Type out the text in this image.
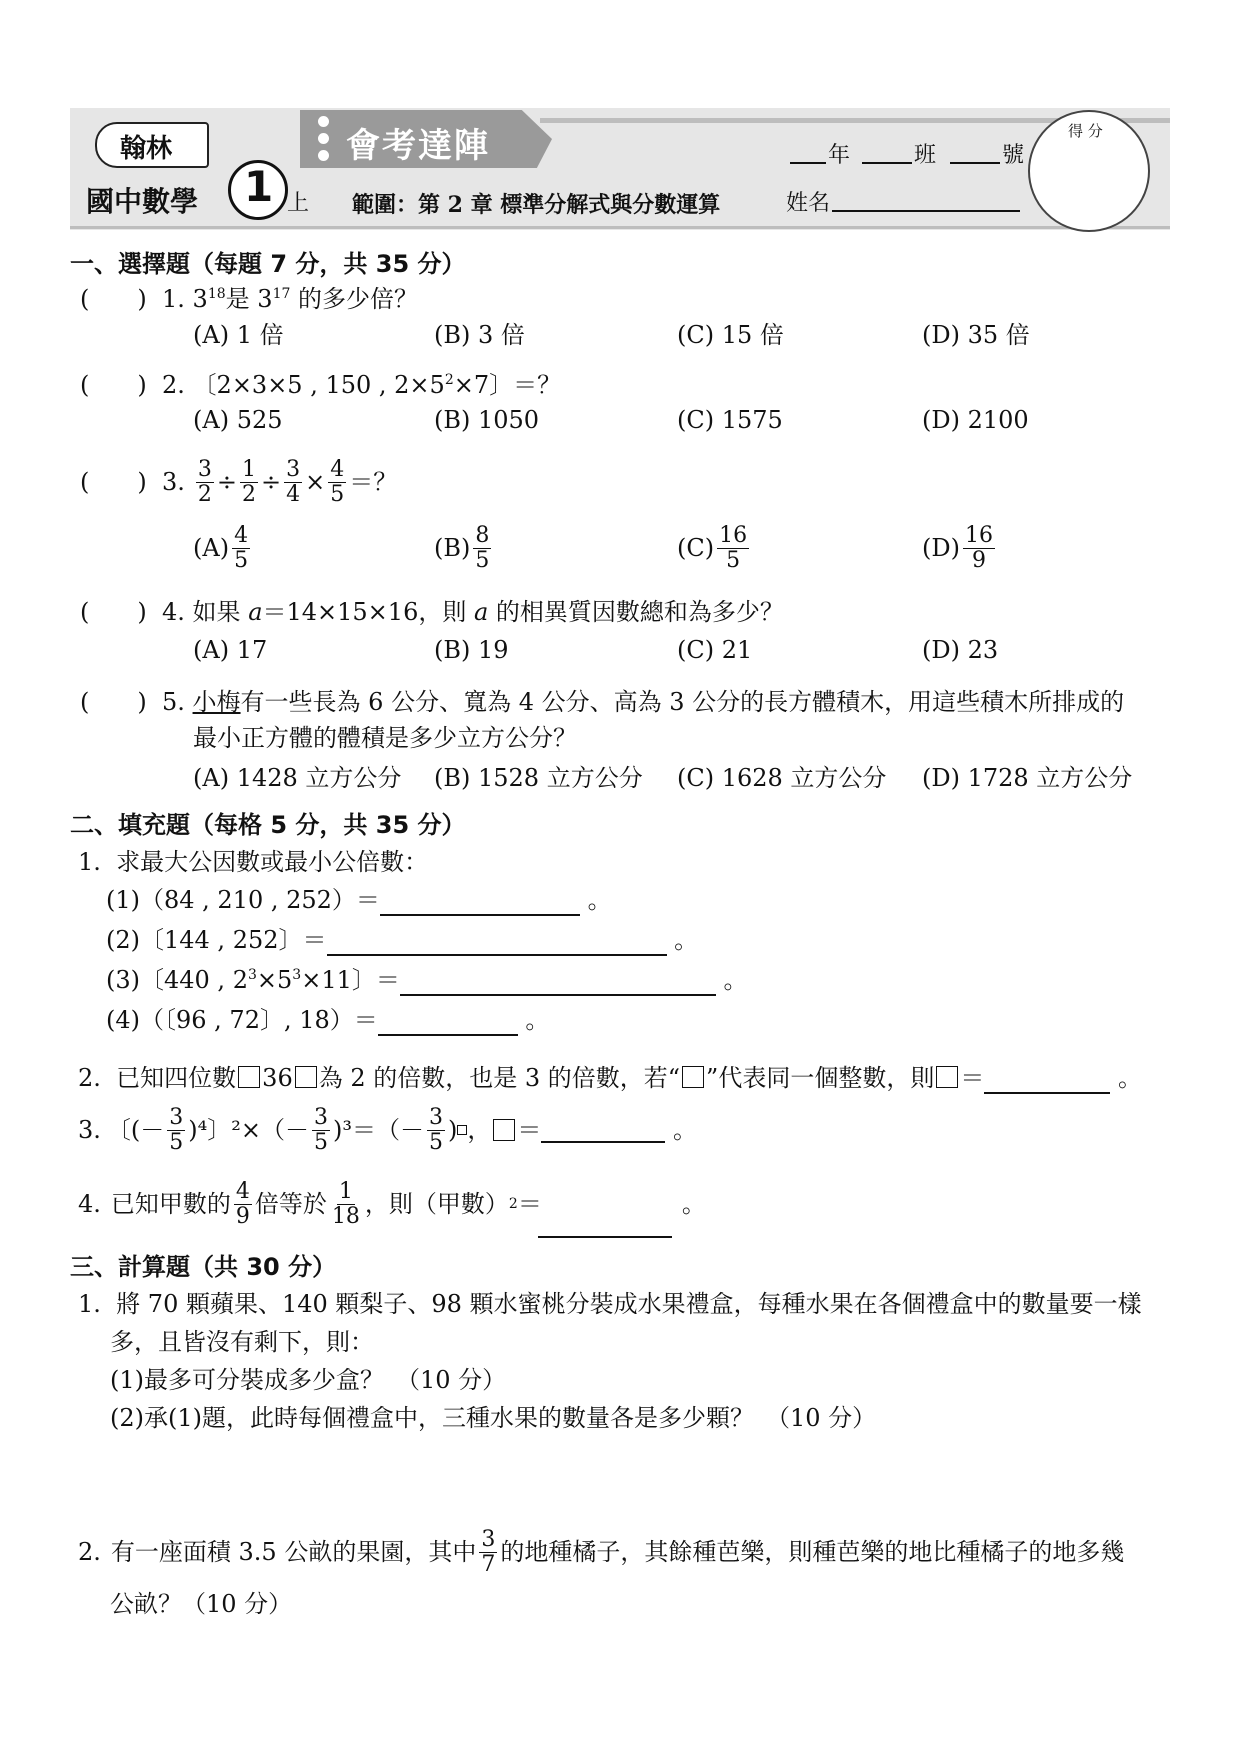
翰林
國中數學 1 上
會考達陣
範圍：第 2 章 標準分解式與分數運算
年	班	號
姓名
得 分
一、選擇題（每題 7 分，共 35 分）
(　　) 1. $3^{18}$是 $3^{17}$ 的多少倍？
(A) 1 倍	(B) 3 倍	(C) 15 倍	(D) 35 倍
(　　) 2. 〔2×3×5 , 150 , $2\times 5^2\times 7$〕＝？
(A) 525	(B) 1050	(C) 1575	(D) 2100
(　　) 3. $\frac{3}{2} \div \frac{1}{2} \div \frac{3}{4} \times \frac{4}{5}$ ＝？
$(A) \frac{4}{5}$	$(B) \frac{8}{5}$	$(C) \frac{16}{5}$	$(D) \frac{16}{9}$
(　　) 4. 如果 a＝14×15×16，則 a 的相異質因數總和為多少？
(A) 17	(B) 19	(C) 21	(D) 23
(　　) 5. 小梅有一些長為 6 公分、寬為 4 公分、高為 3 公分的長方體積木，用這些積木所排成的
最小正方體的體積是多少立方公分？
(A) 1428 立方公分 (B) 1528 立方公分 (C) 1628 立方公分 (D) 1728 立方公分
二、填充題（每格 5 分，共 35 分）
1. 求最大公因數或最小公倍數：
(1)（84 , 210 , 252）＝	。
(2)〔144 , 252〕＝	。
(3)〔440 , $2^3\times 5^3\times 11$〕＝	。
(4)（〔96 , 72〕, 18）＝	。
2. 已知四位數 36 為 2 的倍數，也是 3 的倍數，若“ ”代表同一個整數，則 ＝	。
3. 〔(－ $\frac{3}{5} )^4$〕$^2\times(- \frac{3}{5} )^3=(- \frac{3}{5}$ ) ， ＝
	。
4. 已知甲數的 $\frac{4}{9}$ 倍等於 $\frac{1}{18}$ ，則（甲數） 2 ＝	。
三、計算題（共 30 分）
1. 將 70 顆蘋果、140 顆梨子、98 顆水蜜桃分裝成水果禮盒，每種水果在各個禮盒中的數量要一樣
多，且皆沒有剩下，則：
(1)最多可分裝成多少盒？　（10 分）
(2)承(1)題，此時每個禮盒中，三種水果的數量各是多少顆？　（10 分）
2. 有一座面積 3.5 公畝的果園，其中 $\frac{3}{7}$ 的地種橘子，其餘種芭樂，則種芭樂的地比種橘子的地多幾
公畝？（10 分）
